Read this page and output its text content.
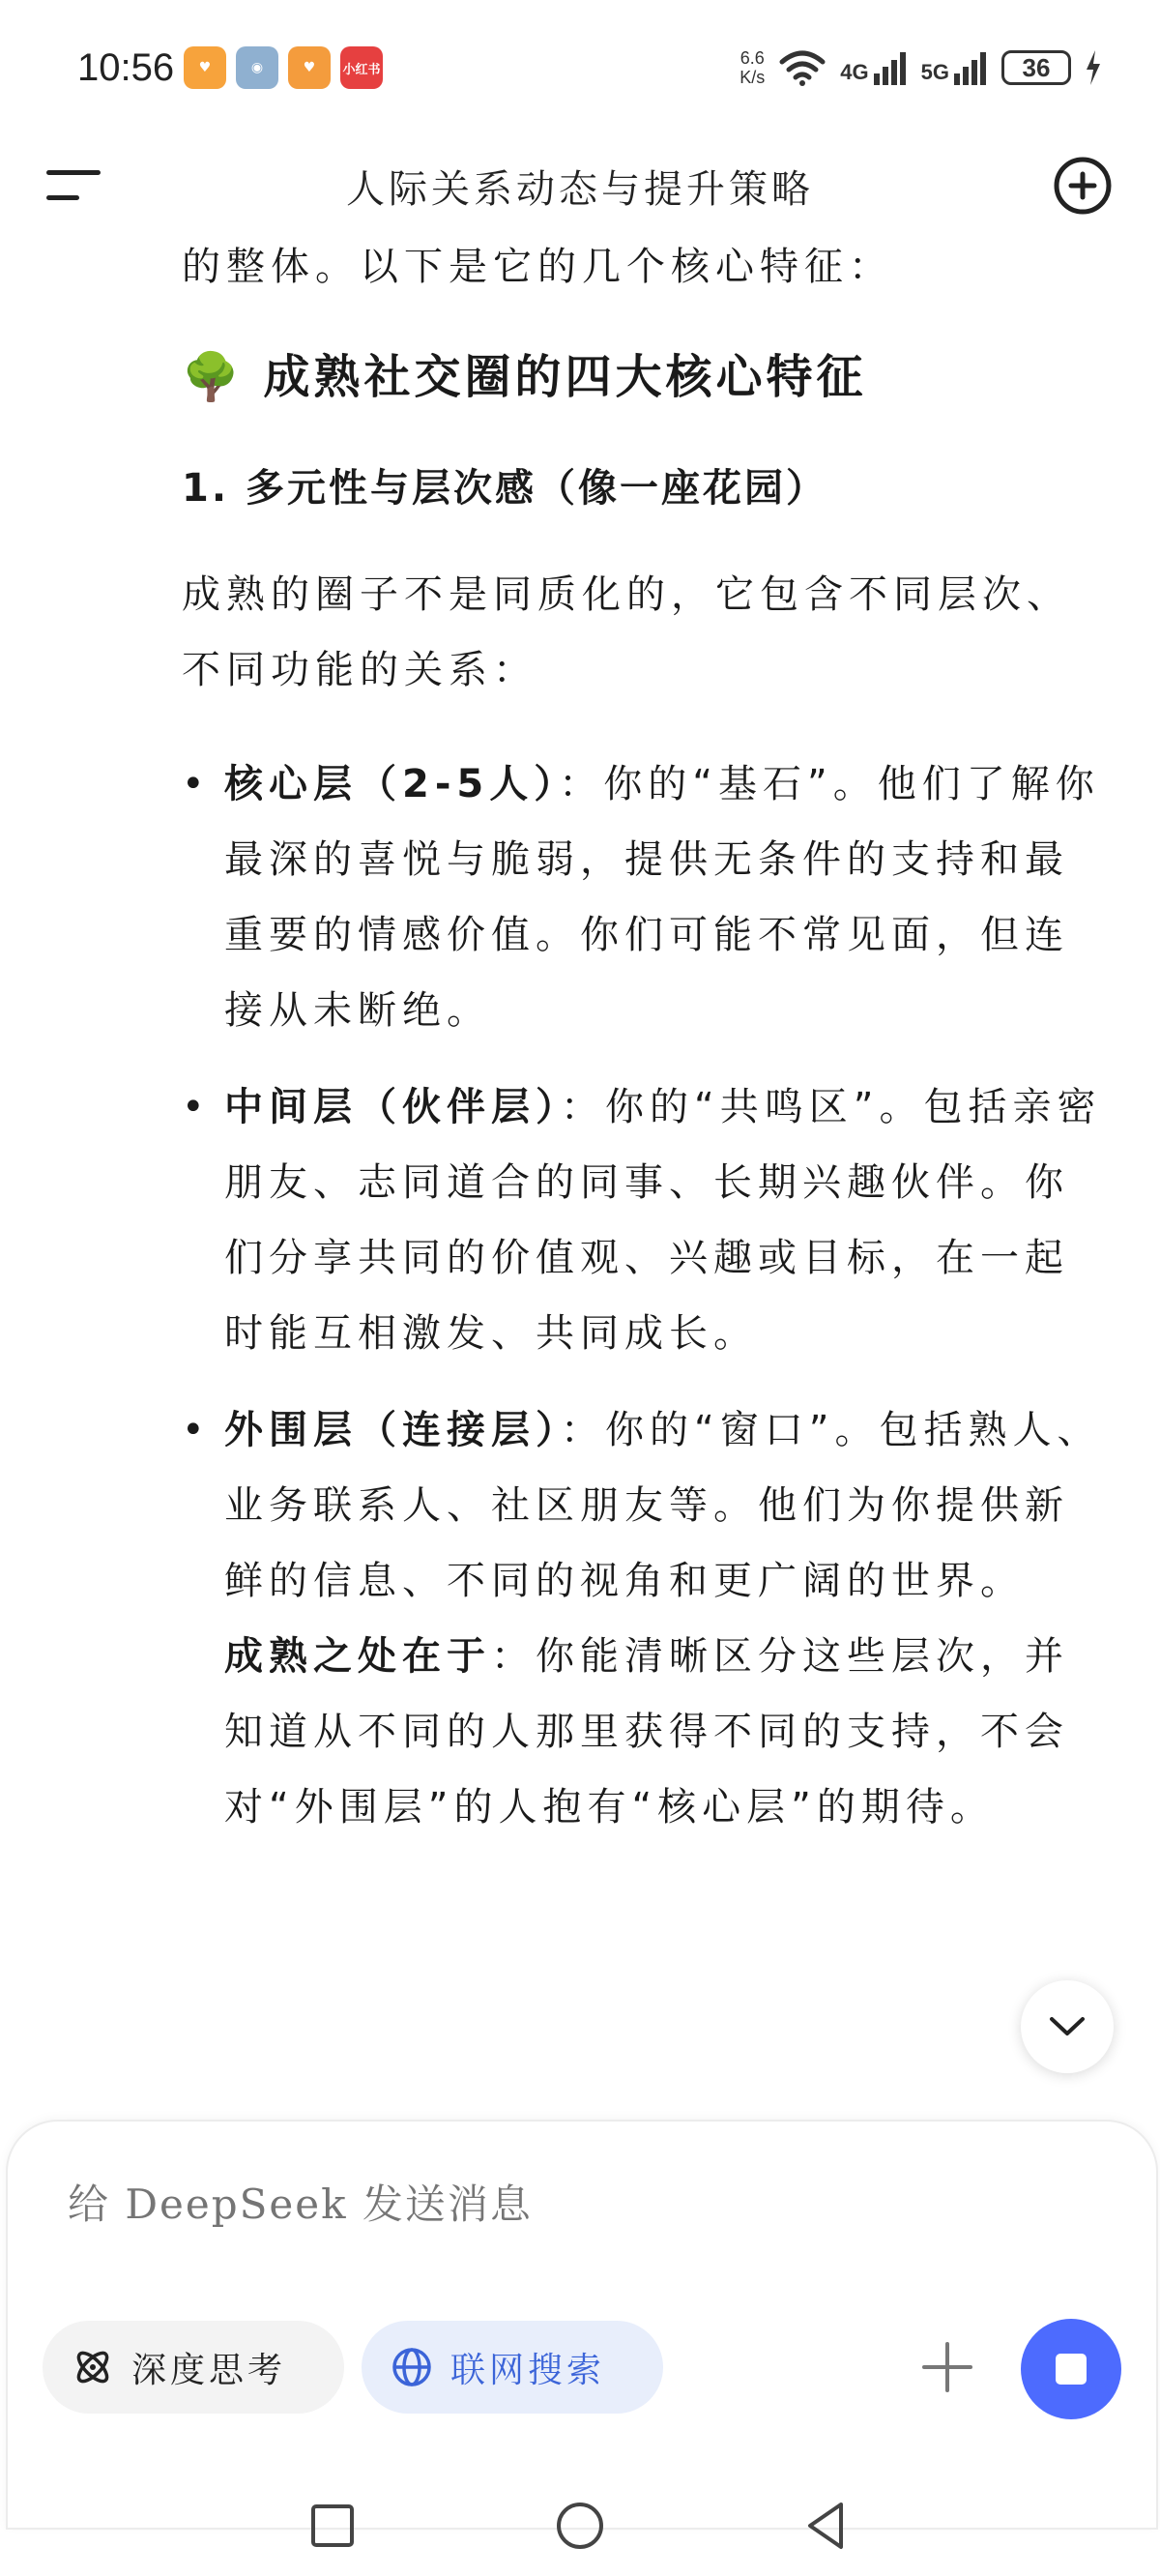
10:56	♥	◉	♥	小红书
6.6
K/s	4G 5G	36
人际关系动态与提升策略

的整体。以下是它的几个核心特征：

🌳 成熟社交圈的四大核心特征
1. 多元性与层次感（像一座花园）

成熟的圈子不是同质化的，它包含不同层次、不同功能的关系：

• 核心层（2-5人）：你的“基石”。他们了解你最深的喜悦与脆弱，提供无条件的支持和最重要的情感价值。你们可能不常见面，但连接从未断绝。
• 中间层（伙伴层）：你的“共鸣区”。包括亲密朋友、志同道合的同事、长期兴趣伙伴。你们分享共同的价值观、兴趣或目标，在一起时能互相激发、共同成长。
• 外围层（连接层）：你的“窗口”。包括熟人、业务联系人、社区朋友等。他们为你提供新鲜的信息、不同的视角和更广阔的世界。
成熟之处在于：你能清晰区分这些层次，并知道从不同的人那里获得不同的支持，不会对“外围层”的人抱有“核心层”的期待。
给 DeepSeek 发送消息
深度思考	联网搜索
